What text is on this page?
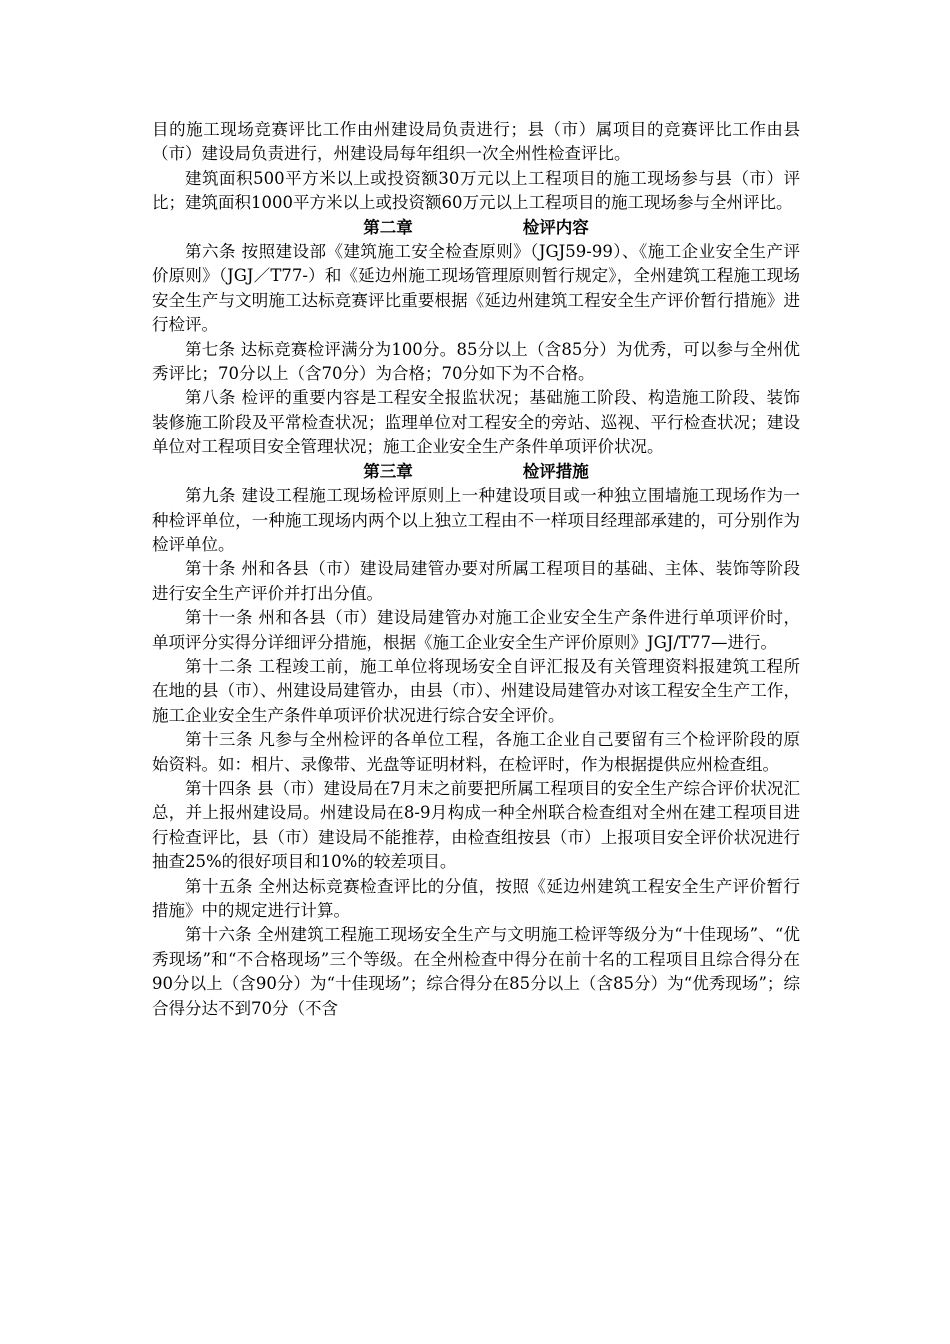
目的施工现场竞赛评比工作由州建设局负责进行；县（市）属项目的竞赛评比工作由县（市）建设局负责进行，州建设局每年组织一次全州性检查评比。

建筑面积500平方米以上或投资额30万元以上工程项目的施工现场参与县（市）评比；建筑面积1000平方米以上或投资额60万元以上工程项目的施工现场参与全州评比。

第二章	检评内容

第六条 按照建设部《建筑施工安全检查原则》（JGJ59-99）、《施工企业安全生产评价原则》（JGJ／T77-）和《延边州施工现场管理原则暂行规定》，全州建筑工程施工现场安全生产与文明施工达标竞赛评比重要根据《延边州建筑工程安全生产评价暂行措施》进行检评。

第七条 达标竞赛检评满分为100分。85分以上（含85分）为优秀，可以参与全州优秀评比；70分以上（含70分）为合格；70分如下为不合格。

第八条 检评的重要内容是工程安全报监状况；基础施工阶段、构造施工阶段、装饰装修施工阶段及平常检查状况；监理单位对工程安全的旁站、巡视、平行检查状况；建设单位对工程项目安全管理状况；施工企业安全生产条件单项评价状况。

第三章	检评措施

第九条 建设工程施工现场检评原则上一种建设项目或一种独立围墙施工现场作为一种检评单位，一种施工现场内两个以上独立工程由不一样项目经理部承建的，可分别作为检评单位。

第十条 州和各县（市）建设局建管办要对所属工程项目的基础、主体、装饰等阶段进行安全生产评价并打出分值。

第十一条 州和各县（市）建设局建管办对施工企业安全生产条件进行单项评价时，单项评分实得分详细评分措施，根据《施工企业安全生产评价原则》JGJ/T77—进行。

第十二条 工程竣工前，施工单位将现场安全自评汇报及有关管理资料报建筑工程所在地的县（市）、州建设局建管办，由县（市）、州建设局建管办对该工程安全生产工作，施工企业安全生产条件单项评价状况进行综合安全评价。

第十三条 凡参与全州检评的各单位工程，各施工企业自己要留有三个检评阶段的原始资料。如：相片、录像带、光盘等证明材料，在检评时，作为根据提供应州检查组。

第十四条 县（市）建设局在7月末之前要把所属工程项目的安全生产综合评价状况汇总，并上报州建设局。州建设局在8-9月构成一种全州联合检查组对全州在建工程项目进行检查评比，县（市）建设局不能推荐，由检查组按县（市）上报项目安全评价状况进行抽查25%的很好项目和10%的较差项目。

第十五条 全州达标竞赛检查评比的分值，按照《延边州建筑工程安全生产评价暂行措施》中的规定进行计算。

第十六条 全州建筑工程施工现场安全生产与文明施工检评等级分为“十佳现场”、“优秀现场”和“不合格现场”三个等级。在全州检查中得分在前十名的工程项目且综合得分在90分以上（含90分）为“十佳现场”；综合得分在85分以上（含85分）为“优秀现场”；综合得分达不到70分（不含
